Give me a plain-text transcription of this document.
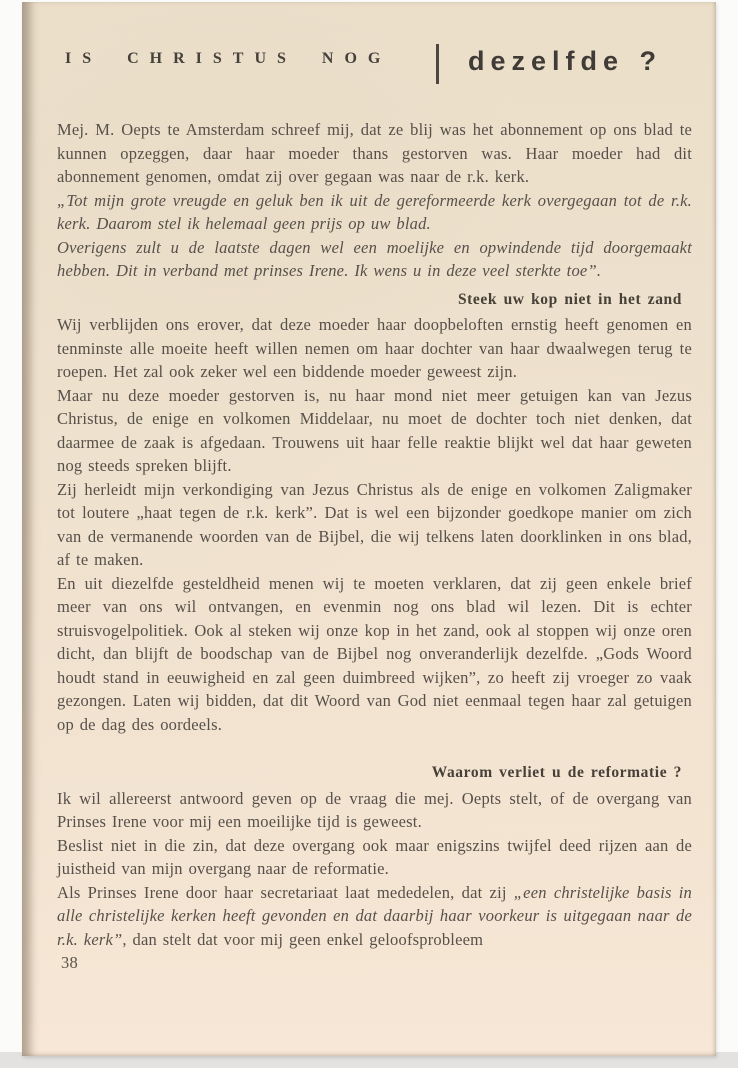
IS CHRISTUS NOG	dezelfde ?

Mej. M. Oepts te Amsterdam schreef mij, dat ze blij was het abonnement op ons blad te kunnen opzeggen, daar haar moeder thans gestorven was. Haar moeder had dit abonnement genomen, omdat zij over gegaan was naar de r.k. kerk.

„Tot mijn grote vreugde en geluk ben ik uit de gereformeerde kerk overgegaan tot de r.k. kerk. Daarom stel ik helemaal geen prijs op uw blad.

Overigens zult u de laatste dagen wel een moelijke en opwindende tijd doorgemaakt hebben. Dit in verband met prinses Irene. Ik wens u in deze veel sterkte toe”.

Steek uw kop niet in het zand

Wij verblijden ons erover, dat deze moeder haar doopbeloften ernstig heeft genomen en tenminste alle moeite heeft willen nemen om haar dochter van haar dwaalwegen terug te roepen. Het zal ook zeker wel een biddende moeder geweest zijn.

Maar nu deze moeder gestorven is, nu haar mond niet meer getuigen kan van Jezus Christus, de enige en volkomen Middelaar, nu moet de dochter toch niet denken, dat daarmee de zaak is afgedaan. Trouwens uit haar felle reaktie blijkt wel dat haar geweten nog steeds spreken blijft.

Zij herleidt mijn verkondiging van Jezus Christus als de enige en volkomen Zaligmaker tot loutere „haat tegen de r.k. kerk”. Dat is wel een bijzonder goedkope manier om zich van de vermanende woorden van de Bijbel, die wij telkens laten doorklinken in ons blad, af te maken.

En uit diezelfde gesteldheid menen wij te moeten verklaren, dat zij geen enkele brief meer van ons wil ontvangen, en evenmin nog ons blad wil lezen. Dit is echter struisvogelpolitiek. Ook al steken wij onze kop in het zand, ook al stoppen wij onze oren dicht, dan blijft de boodschap van de Bijbel nog onveranderlijk dezelfde. „Gods Woord houdt stand in eeuwigheid en zal geen duimbreed wijken”, zo heeft zij vroeger zo vaak gezongen. Laten wij bidden, dat dit Woord van God niet eenmaal tegen haar zal getuigen op de dag des oordeels.

Waarom verliet u de reformatie ?

Ik wil allereerst antwoord geven op de vraag die mej. Oepts stelt, of de overgang van Prinses Irene voor mij een moeilijke tijd is geweest.

Beslist niet in die zin, dat deze overgang ook maar enigszins twijfel deed rijzen aan de juistheid van mijn overgang naar de reformatie.

Als Prinses Irene door haar secretariaat laat mededelen, dat zij „een christelijke basis in alle christelijke kerken heeft gevonden en dat daarbij haar voorkeur is uitgegaan naar de r.k. kerk”, dan stelt dat voor mij geen enkel geloofsprobleem

38
